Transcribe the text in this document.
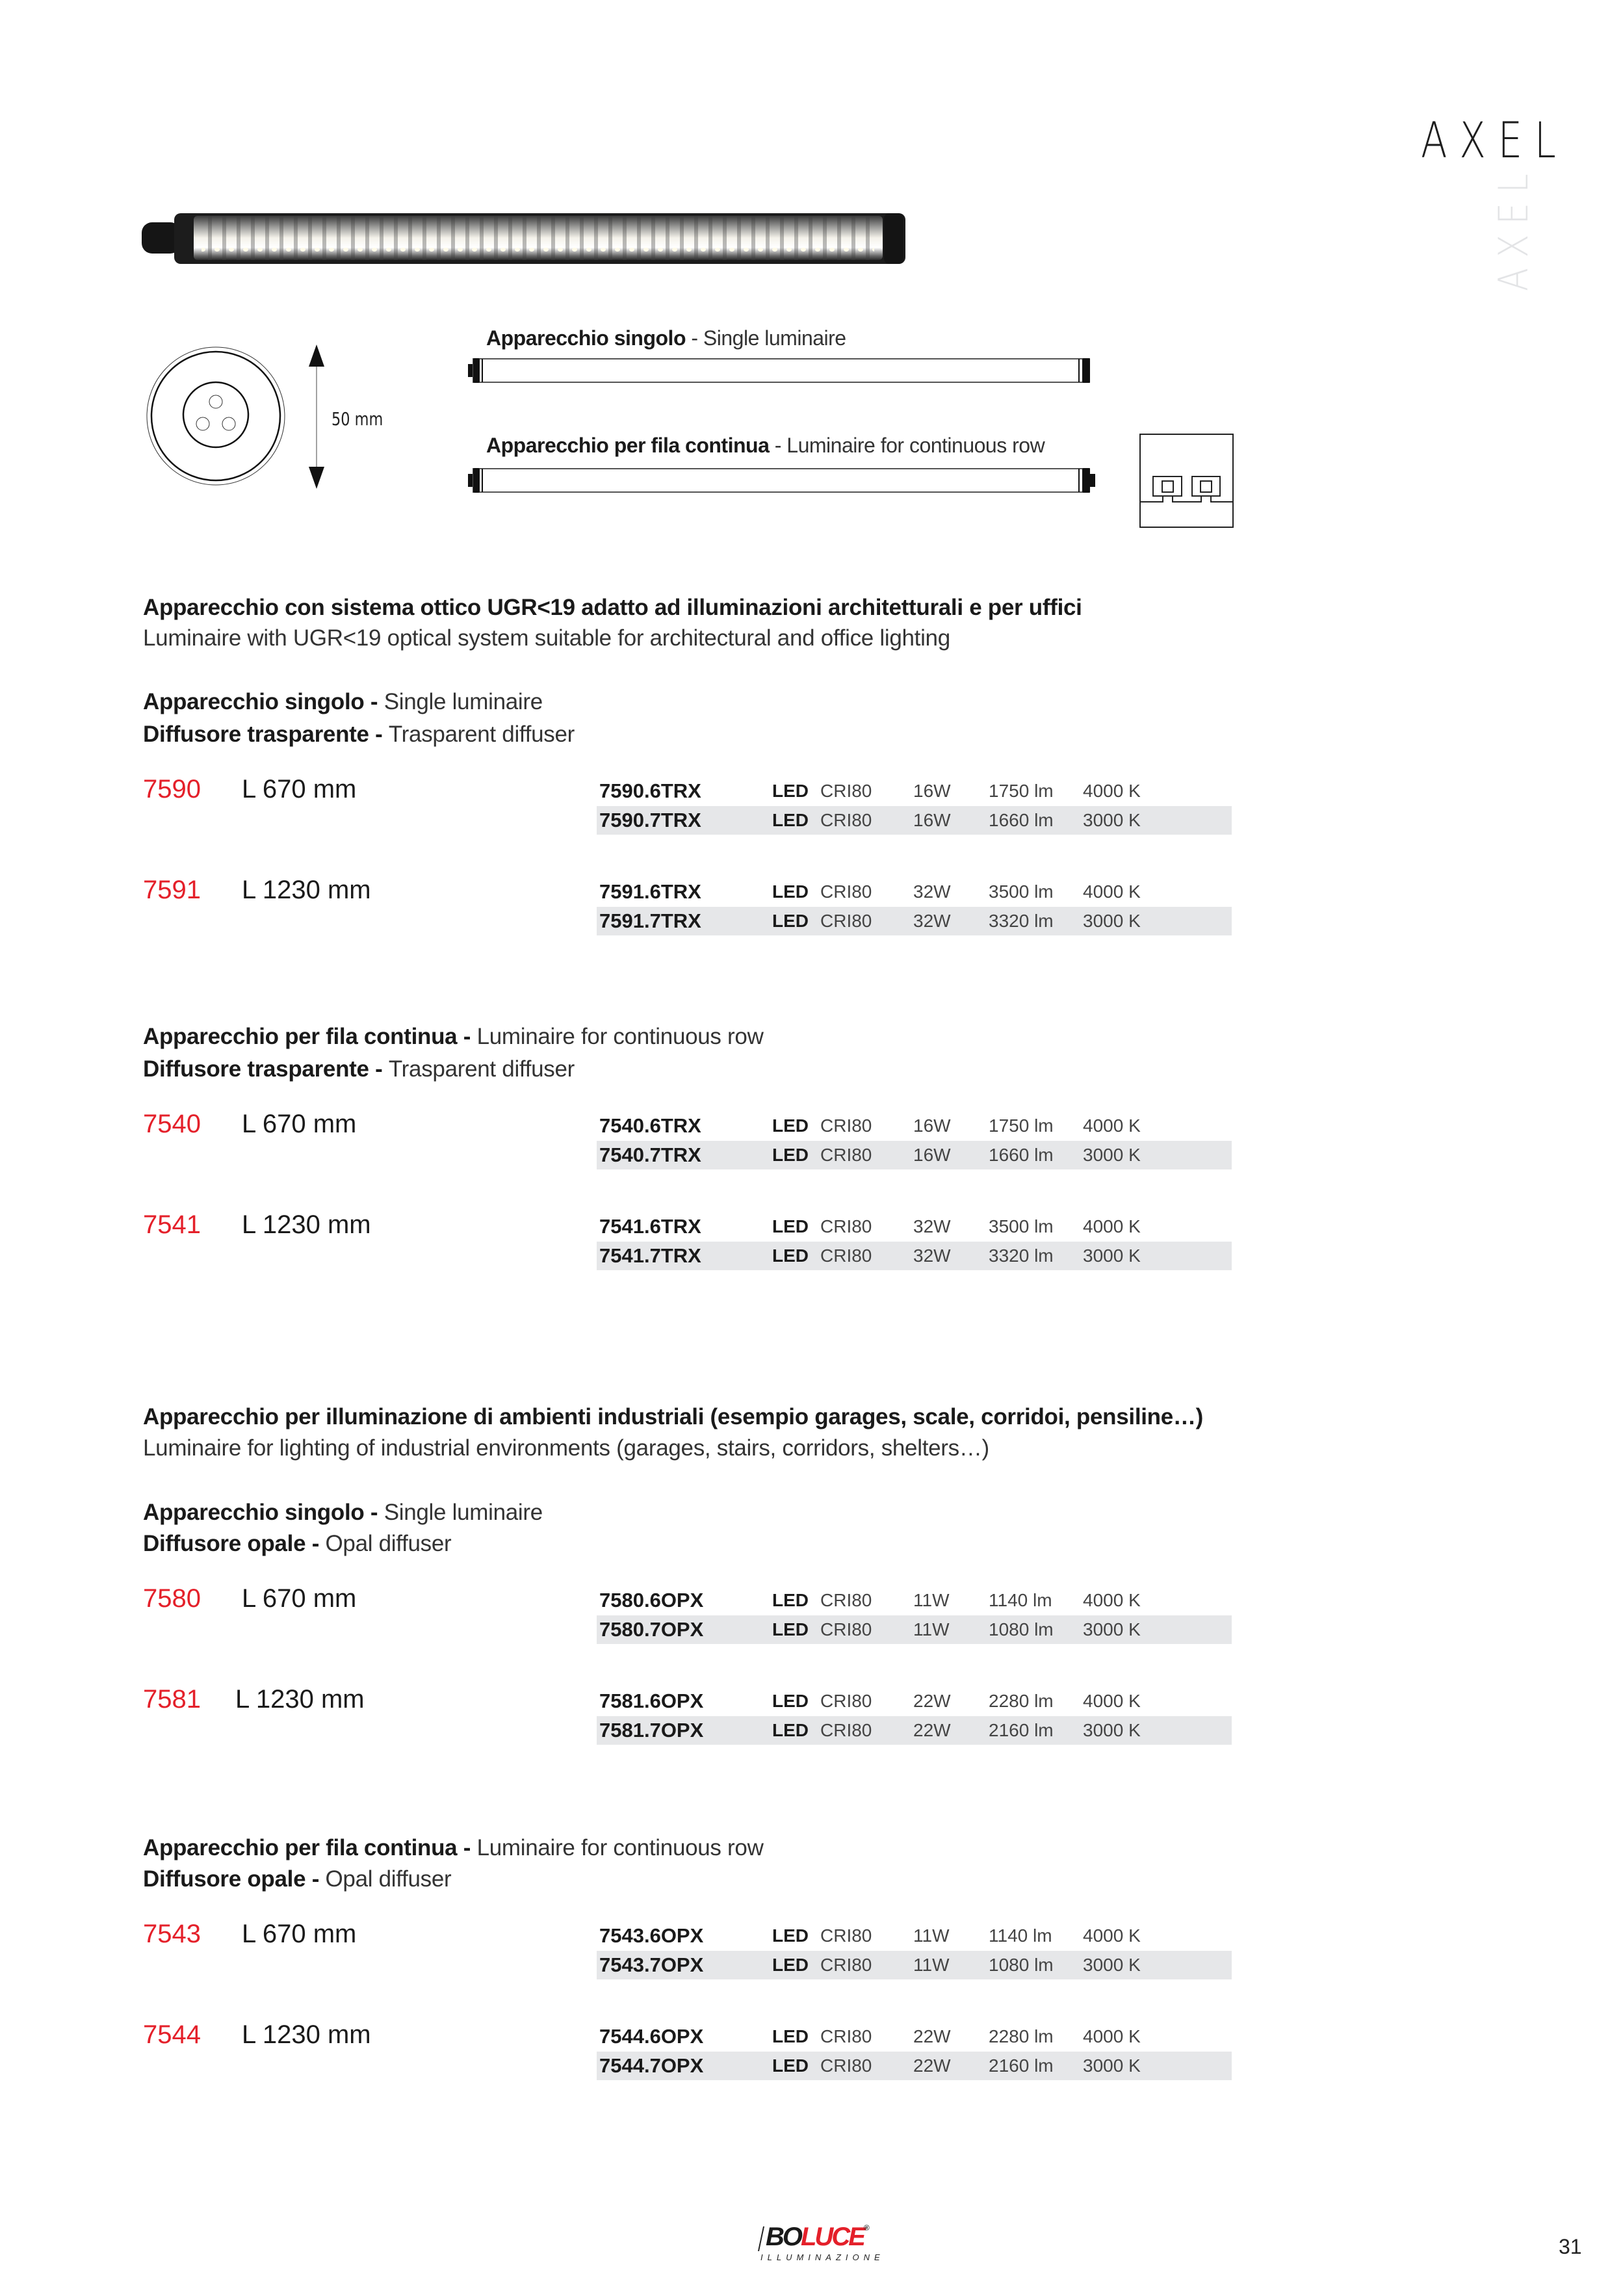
AXEL
AXEL
50 mm
Apparecchio singolo - Single luminaire
Apparecchio per fila continua - Luminaire for continuous row
Apparecchio con sistema ottico UGR<19 adatto ad illuminazioni architetturali e per uffici
Luminaire with UGR<19 optical system suitable for architectural and office lighting
Apparecchio singolo - Single luminaire
Diffusore trasparente - Trasparent diffuser
7590 L 670 mm	7590.6TRX	LED CRI80 16W 1750 lm 4000 K
7590.7TRX	LED CRI80 16W 1660 lm 3000 K
7591 L 1230 mm	7591.6TRX	LED CRI80 32W 3500 lm 4000 K
7591.7TRX	LED CRI80 32W 3320 lm 3000 K
Apparecchio per fila continua - Luminaire for continuous row
Diffusore trasparente - Trasparent diffuser
7540 L 670 mm	7540.6TRX	LED CRI80 16W 1750 lm 4000 K
7540.7TRX	LED CRI80 16W 1660 lm 3000 K
7541 L 1230 mm	7541.6TRX	LED CRI80 32W 3500 lm 4000 K
7541.7TRX	LED CRI80 32W 3320 lm 3000 K
Apparecchio per illuminazione di ambienti industriali (esempio garages, scale, corridoi, pensiline…)
Luminaire for lighting of industrial environments (garages, stairs, corridors, shelters…)
Apparecchio singolo - Single luminaire
Diffusore opale - Opal diffuser
7580 L 670 mm	7580.6OPX	LED CRI80 11W 1140 lm 4000 K
7580.7OPX	LED CRI80 11W 1080 lm 3000 K
7581 L 1230 mm	7581.6OPX	LED CRI80 22W 2280 lm 4000 K
7581.7OPX	LED CRI80 22W 2160 lm 3000 K
Apparecchio per fila continua - Luminaire for continuous row
Diffusore opale - Opal diffuser
7543 L 670 mm	7543.6OPX	LED CRI80 11W 1140 lm 4000 K
7543.7OPX	LED CRI80 11W 1080 lm 3000 K
7544 L 1230 mm	7544.6OPX	LED CRI80 22W 2280 lm 4000 K
7544.7OPX	LED CRI80 22W 2160 lm 3000 K
BOLUCE®
ILLUMINAZIONE	31
